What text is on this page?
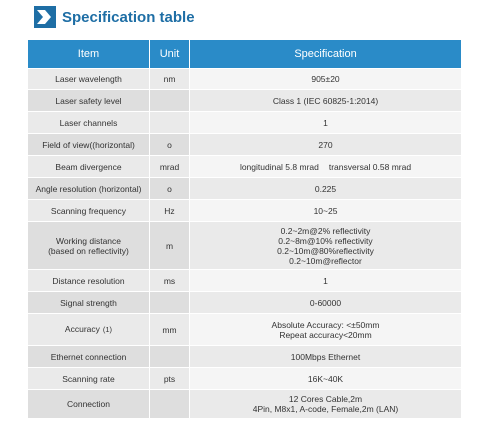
Specification table
Item	Unit	Specification
Laser wavelength	nm	905±20
Laser safety level		Class 1 (IEC 60825-1:2014)
Laser channels		1
Field of view((horizontal)	o	270
Beam divergence	mrad	longitudinal 5.8 mrad transversal 0.58 mrad
Angle resolution (horizontal)	o	0.225
Scanning frequency	Hz	10~25

Working distance
(based on reflectivity)	m	0.2~2m@2% reflectivity
0.2~8m@10% reflectivity
0.2~10m@80%reflectivity
0.2~10m@reflector

Distance resolution	ms	1
Signal strength		0-60000
Accuracy (1)	mm	Absolute Accuracy: <±50mm
Repeat accuracy<20mm

Ethernet connection		100Mbps Ethernet
Scanning rate	pts	16K~40K
Connection		12 Cores Cable,2m
4Pin, M8x1, A-code, Female,2m (LAN)
